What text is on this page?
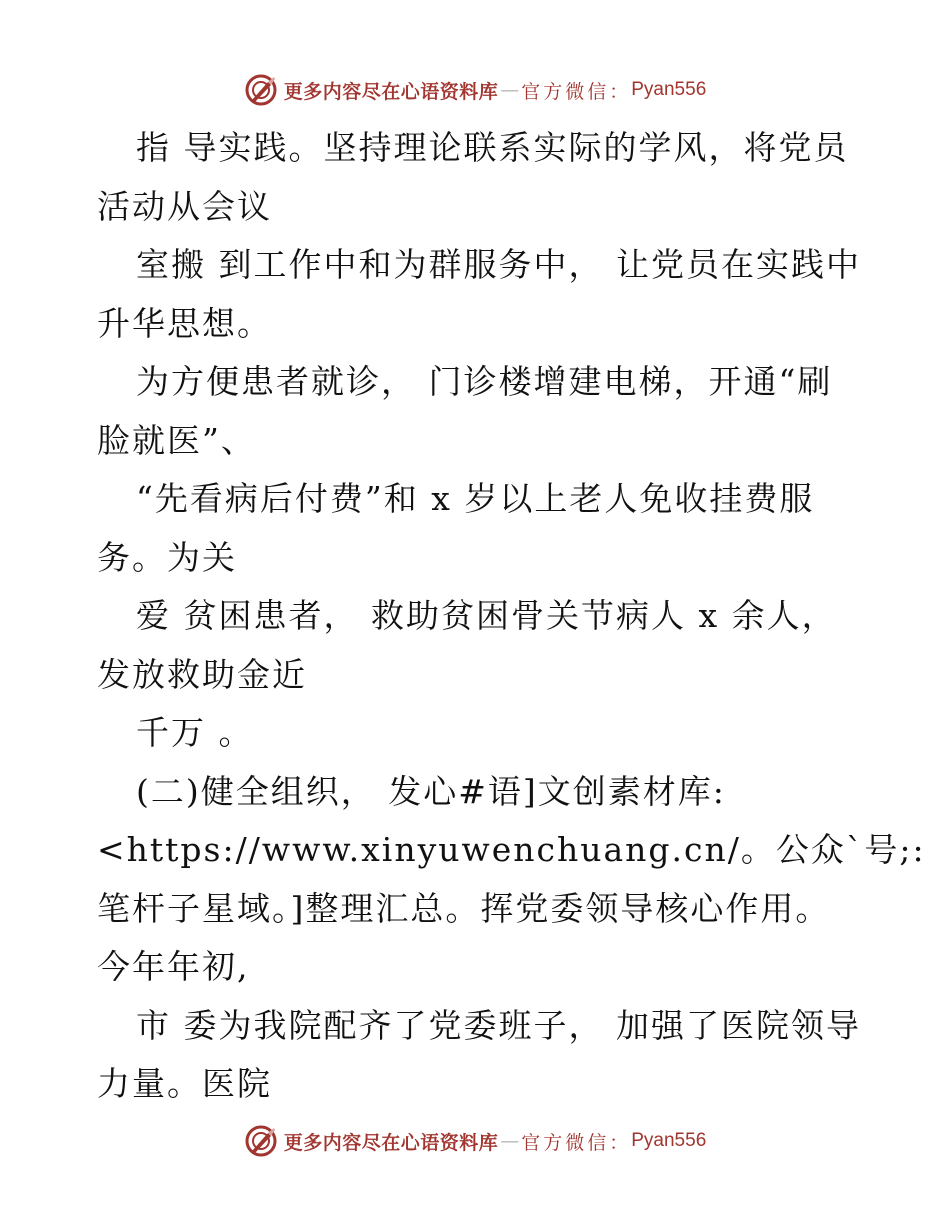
更多内容尽在心语资料库 — 官方微信： Pyan556
指 导实践。坚持理论联系实际的学风，将党员
活动从会议
室搬 到工作中和为群服务中， 让党员在实践中
升华思想。
为方便患者就诊， 门诊楼增建电梯，开通“刷
脸就医”、
“先看病后付费”和 x 岁以上老人免收挂费服
务。为关
爱 贫困患者， 救助贫困骨关节病人 x 余人，
发放救助金近
千万 。
(二)健全组织， 发心#语]文创素材库:
<https://www.xinyuwenchuang.cn/。公众`号;:
笔杆子星域。]整理汇总。挥党委领导核心作用。
今年年初,
市 委为我院配齐了党委班子， 加强了医院领导
力量。医院
更多内容尽在心语资料库 — 官方微信： Pyan556
